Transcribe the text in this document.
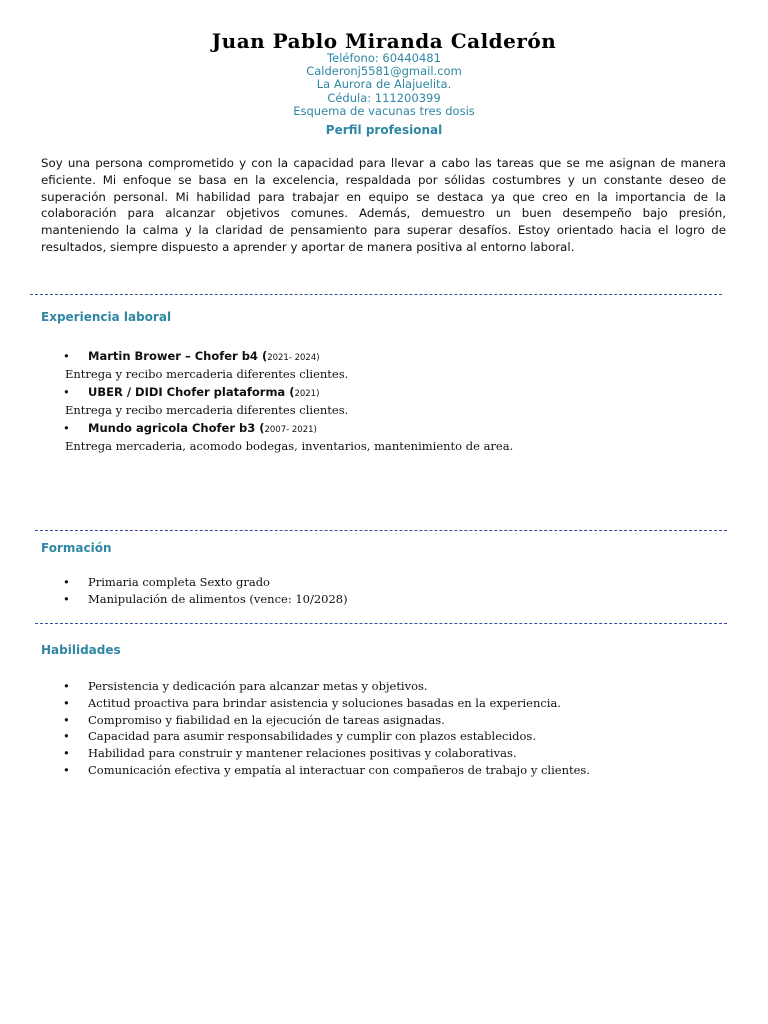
Juan Pablo Miranda Calderón
Teléfono: 60440481
Calderonj5581@gmail.com
La Aurora de Alajuelita.
Cédula: 111200399
Esquema de vacunas tres dosis
Perfil profesional
Soy una persona comprometido y con la capacidad para llevar a cabo las tareas que se me asignan de manera eficiente. Mi enfoque se basa en la excelencia, respaldada por sólidas costumbres y un constante deseo de superación personal. Mi habilidad para trabajar en equipo se destaca ya que creo en la importancia de la colaboración para alcanzar objetivos comunes. Además, demuestro un buen desempeño bajo presión, manteniendo la calma y la claridad de pensamiento para superar desafíos. Estoy orientado hacia el logro de resultados, siempre dispuesto a aprender y aportar de manera positiva al entorno laboral.
Experiencia laboral
• Martin Brower – Chofer b4 (2021- 2024)
Entrega y recibo mercaderia diferentes clientes.
• UBER / DIDI Chofer plataforma (2021)
Entrega y recibo mercaderia diferentes clientes.
• Mundo agricola Chofer b3 (2007- 2021)
Entrega mercaderia, acomodo bodegas, inventarios, mantenimiento de area.
Formación
• Primaria completa Sexto grado
• Manipulación de alimentos (vence: 10/2028)
Habilidades
• Persistencia y dedicación para alcanzar metas y objetivos.
• Actitud proactiva para brindar asistencia y soluciones basadas en la experiencia.
• Compromiso y fiabilidad en la ejecución de tareas asignadas.
• Capacidad para asumir responsabilidades y cumplir con plazos establecidos.
• Habilidad para construir y mantener relaciones positivas y colaborativas.
• Comunicación efectiva y empatía al interactuar con compañeros de trabajo y clientes.
